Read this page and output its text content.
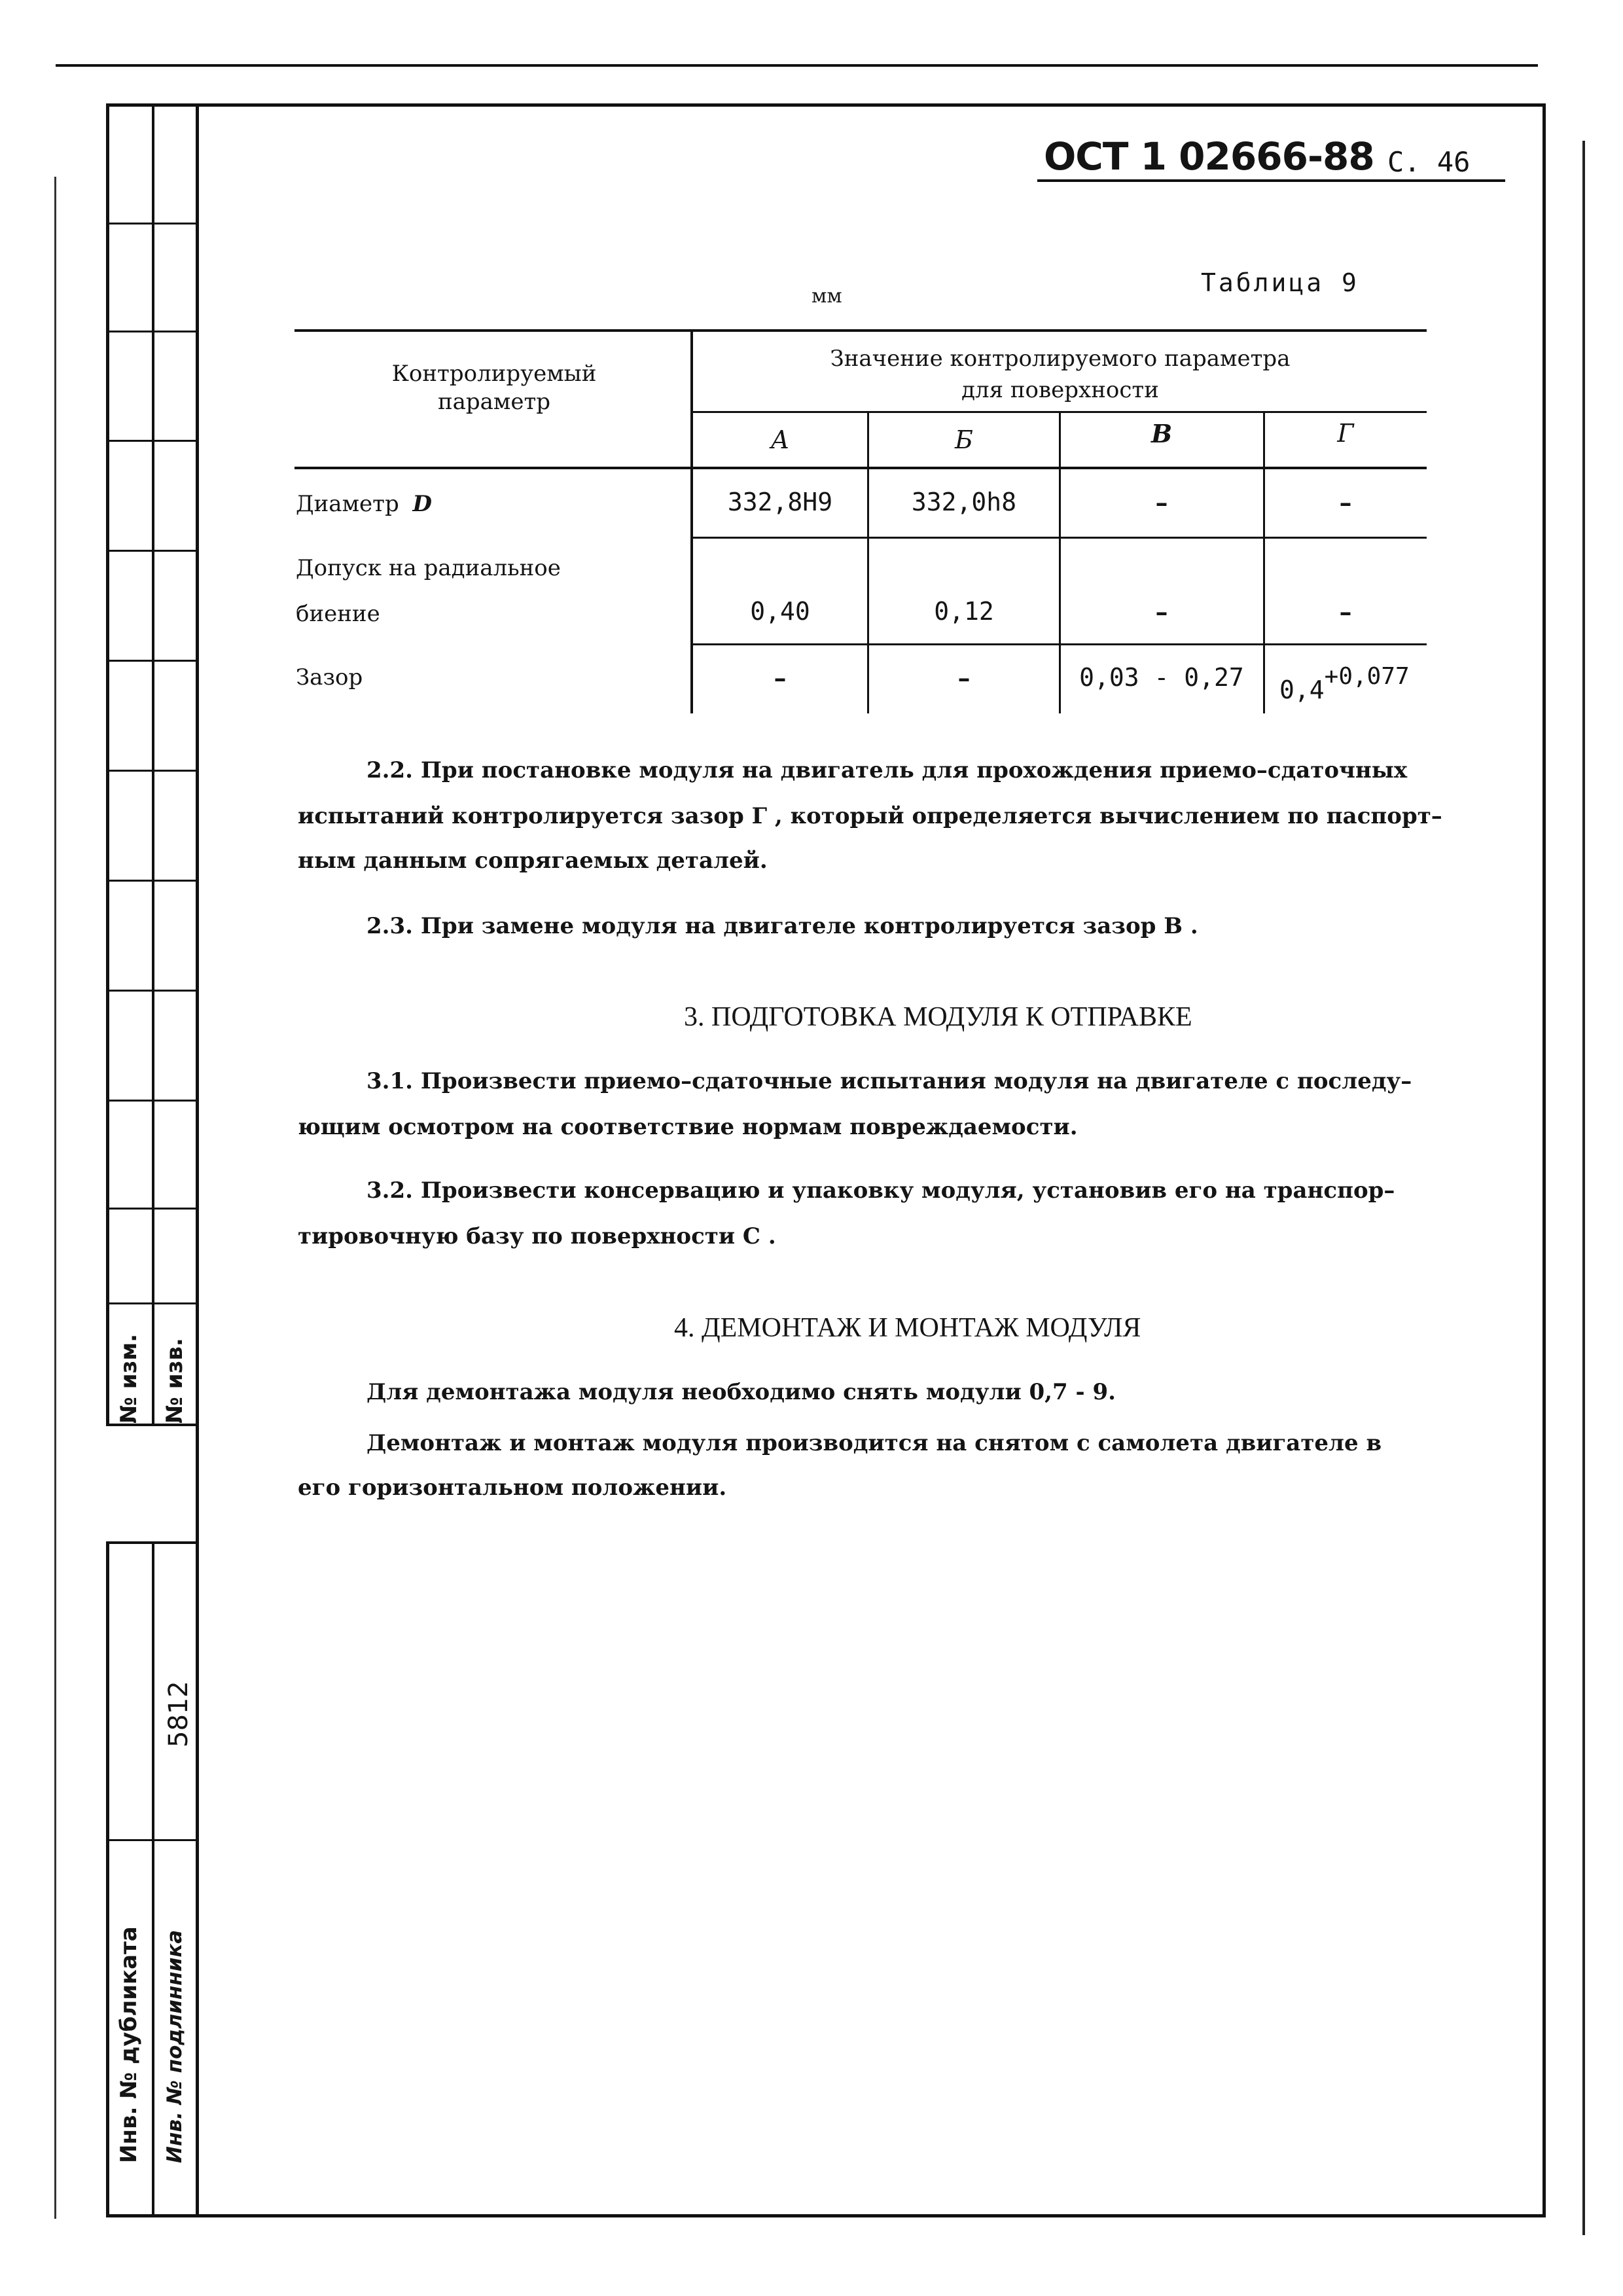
№ изм. № изв.
5812
Инв. № дубликата Инв. № подлинника
ОСТ 1 02666-88 С. 46
Таблица 9
мм
Контролируемый параметр
Значение контролируемого параметра
для поверхности
А	Б	В	Г
Диаметр D	332,8Н9	332,0h8	–	–
Допуск на радиальное
биение	0,40	0,12	–	–
Зазор	–	–	0,03 - 0,27	$0,4^{+0,077}$
2.2. При постановке модуля на двигатель для прохождения приемо–сдаточных
испытаний контролируется зазор Г , который определяется вычислением по паспорт–
ным данным сопрягаемых деталей.
2.3. При замене модуля на двигателе контролируется зазор В .
3. ПОДГОТОВКА МОДУЛЯ К ОТПРАВКЕ
3.1. Произвести приемо–сдаточные испытания модуля на двигателе с последу–
ющим осмотром на соответствие нормам повреждаемости.
3.2. Произвести консервацию и упаковку модуля, установив его на транспор–
тировочную базу по поверхности С .
4. ДЕМОНТАЖ И МОНТАЖ МОДУЛЯ
Для демонтажа модуля необходимо снять модули 0,7 - 9.
Демонтаж и монтаж модуля производится на снятом с самолета двигателе в
его горизонтальном положении.
